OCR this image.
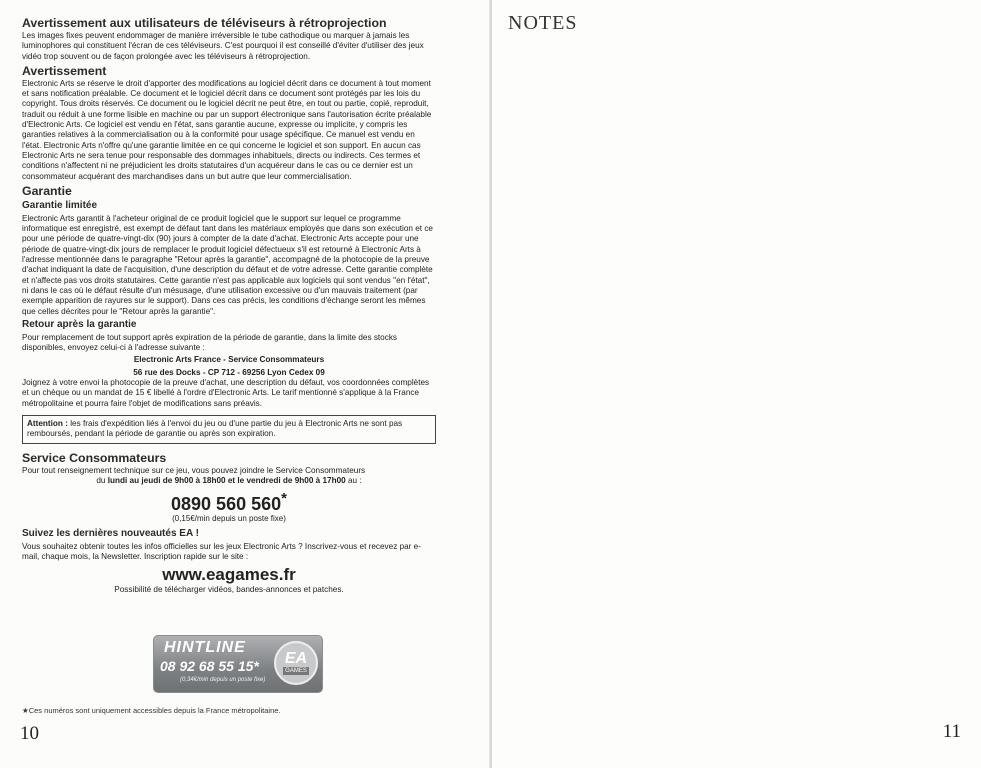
Avertissement aux utilisateurs de téléviseurs à rétroprojection

Les images fixes peuvent endommager de manière irréversible le tube cathodique ou marquer à jamais les luminophores qui constituent l'écran de ces téléviseurs. C'est pourquoi il est conseillé d'éviter d'utiliser des jeux vidéo trop souvent ou de façon prolongée avec les téléviseurs à rétroprojection.

Avertissement

Electronic Arts se réserve le droit d'apporter des modifications au logiciel décrit dans ce document à tout moment et sans notification préalable. Ce document et le logiciel décrit dans ce document sont protégés par les lois du copyright. Tous droits réservés. Ce document ou le logiciel décrit ne peut être, en tout ou partie, copié, reproduit, traduit ou réduit à une forme lisible en machine ou par un support électronique sans l'autorisation écrite préalable d'Electronic Arts. Ce logiciel est vendu en l'état, sans garantie aucune, expresse ou implicite, y compris les garanties relatives à la commercialisation ou à la conformité pour usage spécifique. Ce manuel est vendu en l'état. Electronic Arts n'offre qu'une garantie limitée en ce qui concerne le logiciel et son support. En aucun cas Electronic Arts ne sera tenue pour responsable des dommages inhabituels, directs ou indirects. Ces termes et conditions n'affectent ni ne préjudicient les droits statutaires d'un acquéreur dans le cas ou ce dernier est un consommateur acquérant des marchandises dans un but autre que leur commercialisation.

Garantie
Garantie limitée

Electronic Arts garantit à l'acheteur original de ce produit logiciel que le support sur lequel ce programme informatique est enregistré, est exempt de défaut tant dans les matériaux employés que dans son exécution et ce pour une période de quatre-vingt-dix (90) jours à compter de la date d'achat. Electronic Arts accepte pour une période de quatre-vingt-dix jours de remplacer le produit logiciel défectueux s'il est retourné à Electronic Arts à l'adresse mentionnée dans le paragraphe "Retour après la garantie", accompagné de la photocopie de la preuve d'achat indiquant la date de l'acquisition, d'une description du défaut et de votre adresse. Cette garantie complète et n'affecte pas vos droits statutaires. Cette garantie n'est pas applicable aux logiciels qui sont vendus "en l'état", ni dans le cas où le défaut résulte d'un mésusage, d'une utilisation excessive ou d'un mauvais traitement (par exemple apparition de rayures sur le support). Dans ces cas précis, les conditions d'échange seront les mêmes que celles décrites pour le "Retour après la garantie".

Retour après la garantie

Pour remplacement de tout support après expiration de la période de garantie, dans la limite des stocks disponibles, envoyez celui-ci à l'adresse suivante :

Electronic Arts France - Service Consommateurs

56 rue des Docks - CP 712 - 69256 Lyon Cedex 09

Joignez à votre envoi la photocopie de la preuve d'achat, une description du défaut, vos coordonnées complètes et un chèque ou un mandat de 15 € libellé à l'ordre d'Electronic Arts. Le tarif mentionné s'applique à la France métropolitaine et pourra faire l'objet de modifications sans préavis.

Attention : les frais d'expédition liés à l'envoi du jeu ou d'une partie du jeu à Electronic Arts ne sont pas remboursés, pendant la période de garantie ou après son expiration.
Service Consommateurs

Pour tout renseignement technique sur ce jeu, vous pouvez joindre le Service Consommateurs

du lundi au jeudi de 9h00 à 18h00 et le vendredi de 9h00 à 17h00 au :

0890 560 560*

(0,15€/min depuis un poste fixe)

Suivez les dernières nouveautés EA !

Vous souhaitez obtenir toutes les infos officielles sur les jeux Electronic Arts ? Inscrivez-vous et recevez par e-mail, chaque mois, la Newsletter. Inscription rapide sur le site :

www.eagames.fr

Possibilité de télécharger vidéos, bandes-annonces et patches.

HINTLINE
08 92 68 55 15*
(0,34€/min depuis un poste fixe)
EA
GAMES
★Ces numéros sont uniquement accessibles depuis la France métropolitaine.
10
NOTES
11
